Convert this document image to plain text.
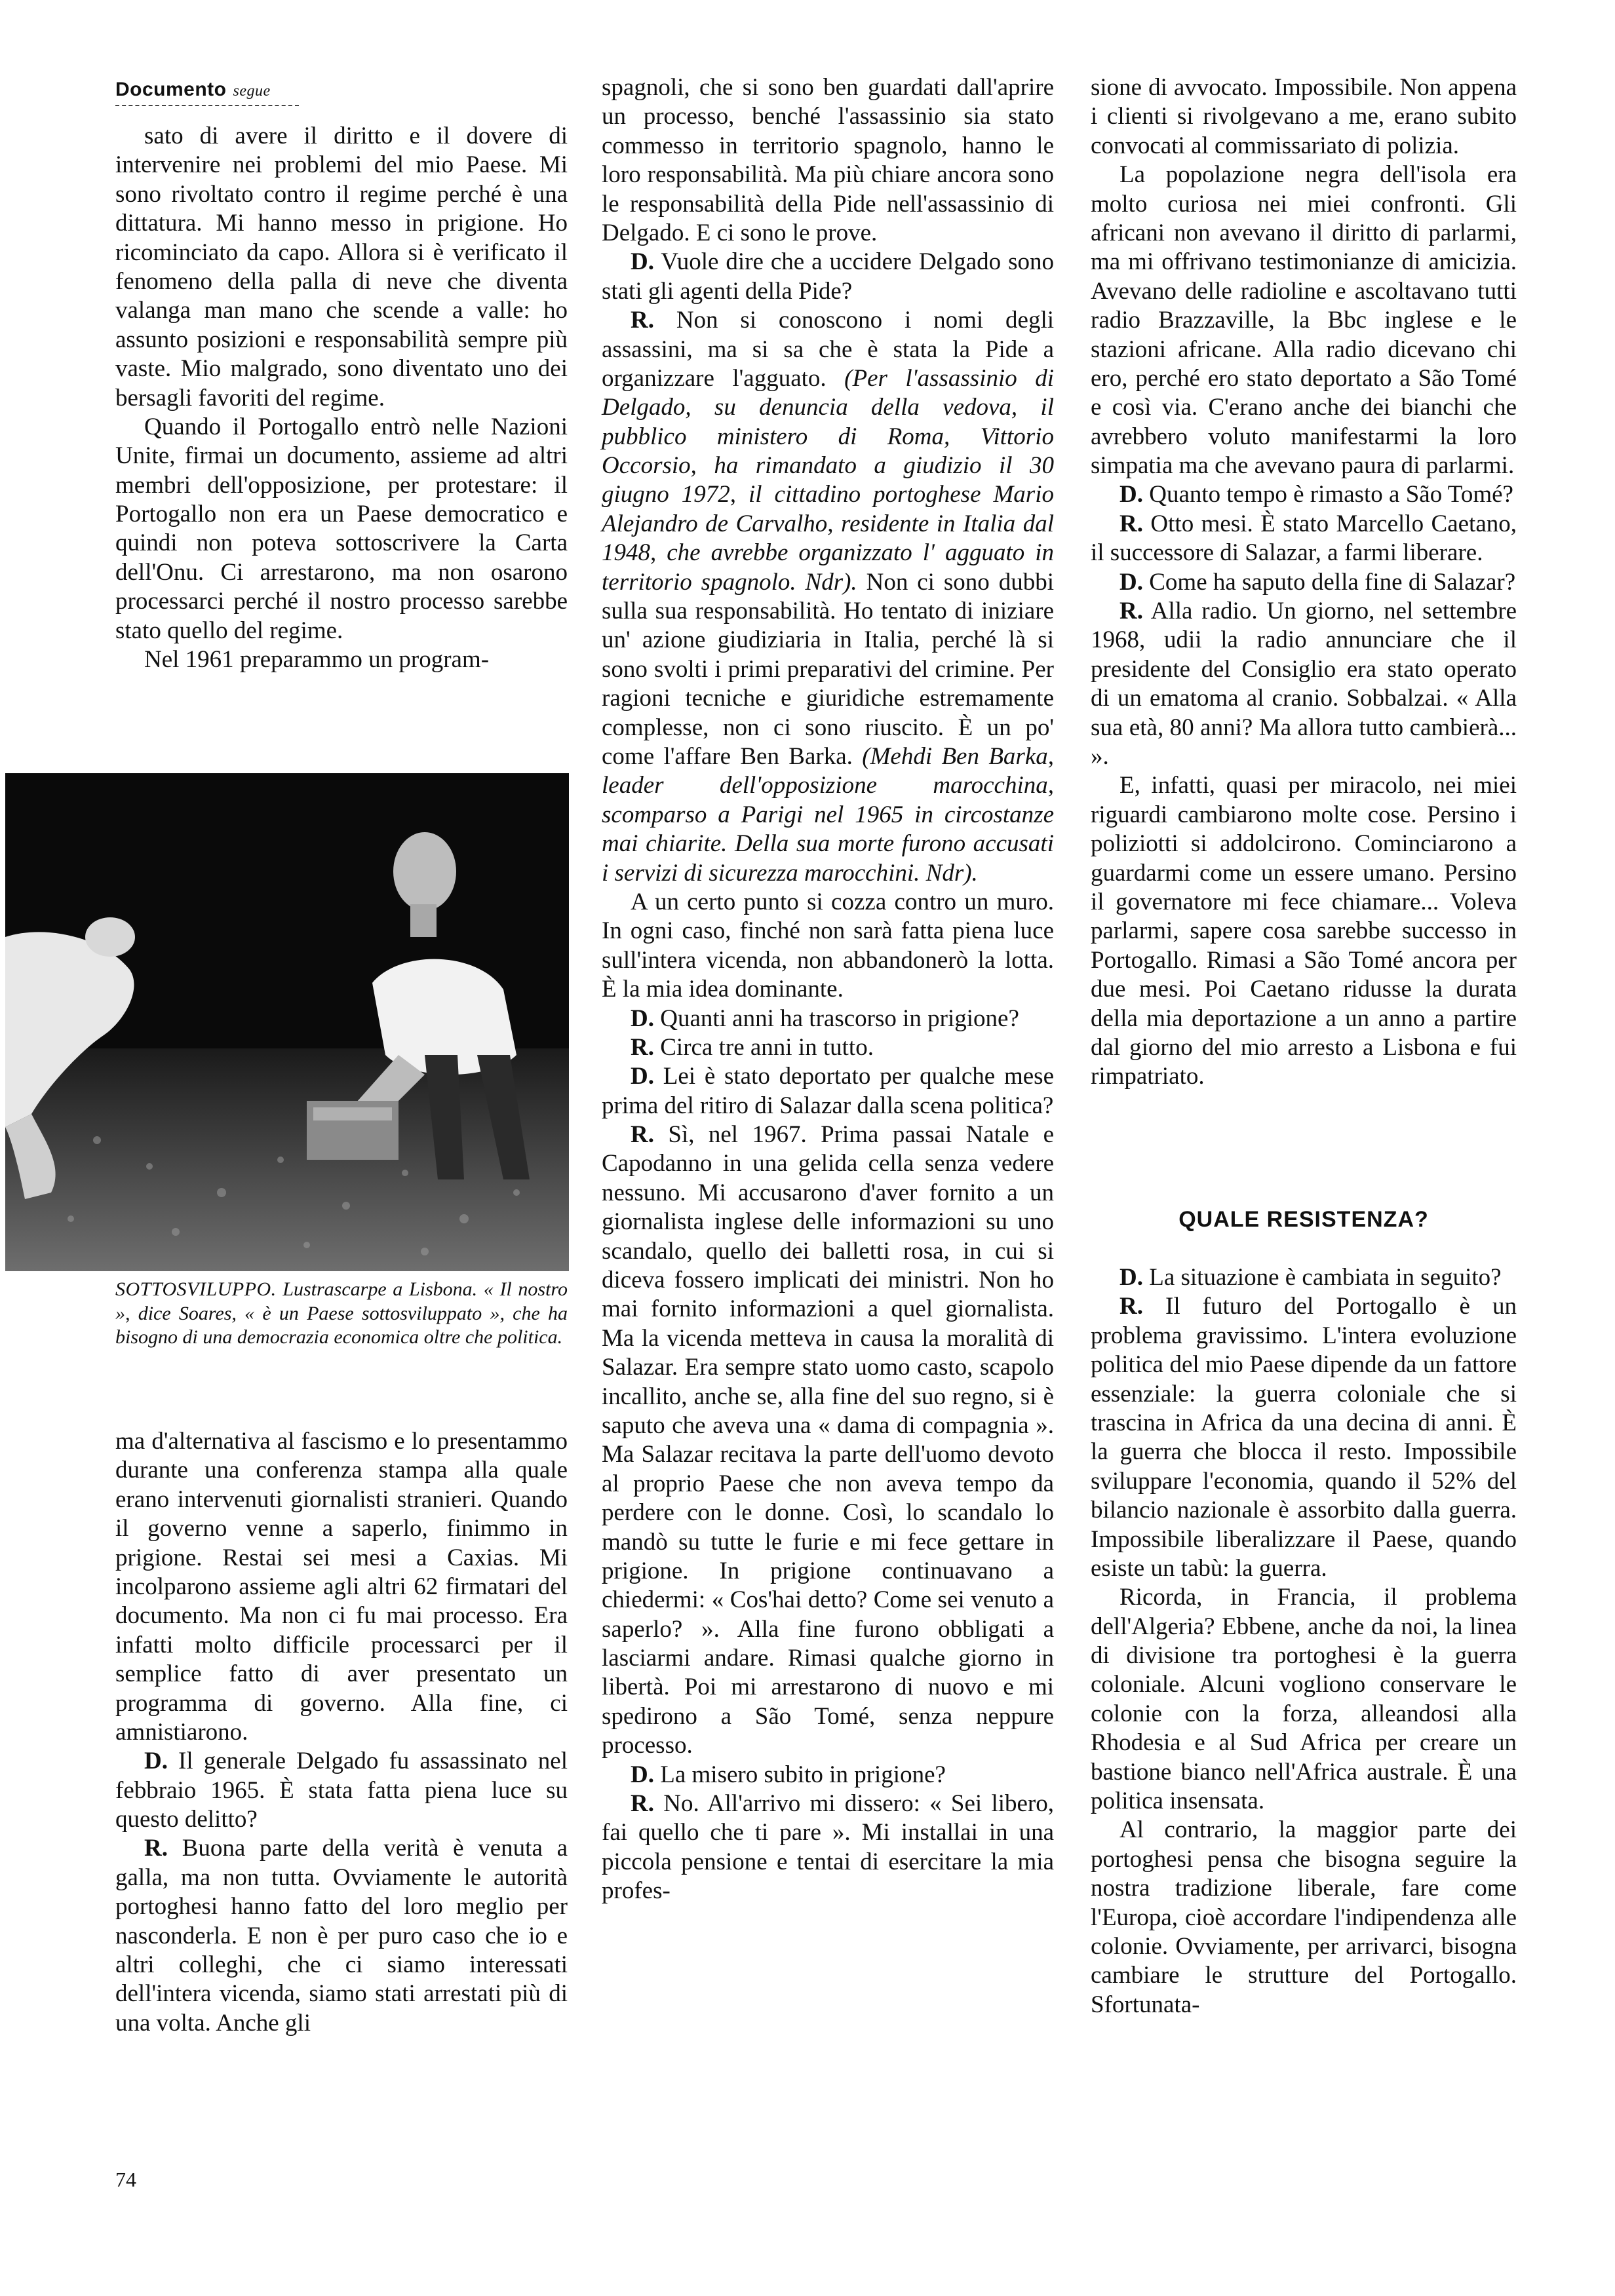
Documento segue

sato di avere il diritto e il dovere di intervenire nei problemi del mio Paese. Mi sono rivoltato contro il regime perché è una dittatura. Mi hanno messo in prigione. Ho ricominciato da capo. Allora si è verificato il fenomeno della palla di neve che diventa valanga man mano che scende a valle: ho assunto posizioni e responsabilità sempre più vaste. Mio malgrado, sono diventato uno dei bersagli favoriti del regime.

Quando il Portogallo entrò nelle Nazioni Unite, firmai un documento, assieme ad altri membri dell'opposizione, per protestare: il Portogallo non era un Paese democratico e quindi non poteva sottoscrivere la Carta dell'Onu. Ci arrestarono, ma non osarono processarci perché il nostro processo sarebbe stato quello del regime.

Nel 1961 preparammo un program-

SOTTOSVILUPPO. Lustrascarpe a Lisbona. « Il nostro », dice Soares, « è un Paese sottosviluppato », che ha bisogno di una democrazia economica oltre che politica.

ma d'alternativa al fascismo e lo presentammo durante una conferenza stampa alla quale erano intervenuti giornalisti stranieri. Quando il governo venne a saperlo, finimmo in prigione. Restai sei mesi a Caxias. Mi incolparono assieme agli altri 62 firmatari del documento. Ma non ci fu mai processo. Era infatti molto difficile processarci per il semplice fatto di aver presentato un programma di governo. Alla fine, ci amnistiarono.

D. Il generale Delgado fu assassinato nel febbraio 1965. È stata fatta piena luce su questo delitto?

R. Buona parte della verità è venuta a galla, ma non tutta. Ovviamente le autorità portoghesi hanno fatto del loro meglio per nasconderla. E non è per puro caso che io e altri colleghi, che ci siamo interessati dell'intera vicenda, siamo stati arrestati più di una volta. Anche gli

spagnoli, che si sono ben guardati dall'aprire un processo, benché l'assassinio sia stato commesso in territorio spagnolo, hanno le loro responsabilità. Ma più chiare ancora sono le responsabilità della Pide nell'assassinio di Delgado. E ci sono le prove.

D. Vuole dire che a uccidere Delgado sono stati gli agenti della Pide?

R. Non si conoscono i nomi degli assassini, ma si sa che è stata la Pide a organizzare l'agguato. (Per l'assassinio di Delgado, su denuncia della vedova, il pubblico ministero di Roma, Vittorio Occorsio, ha rimandato a giudizio il 30 giugno 1972, il cittadino portoghese Mario Alejandro de Carvalho, residente in Italia dal 1948, che avrebbe organizzato l' agguato in territorio spagnolo. Ndr). Non ci sono dubbi sulla sua responsabilità. Ho tentato di iniziare un' azione giudiziaria in Italia, perché là si sono svolti i primi preparativi del crimine. Per ragioni tecniche e giuridiche estremamente complesse, non ci sono riuscito. È un po' come l'affare Ben Barka. (Mehdi Ben Barka, leader dell'opposizione marocchina, scomparso a Parigi nel 1965 in circostanze mai chiarite. Della sua morte furono accusati i servizi di sicurezza marocchini. Ndr).

A un certo punto si cozza contro un muro. In ogni caso, finché non sarà fatta piena luce sull'intera vicenda, non abbandonerò la lotta. È la mia idea dominante.

D. Quanti anni ha trascorso in prigione?

R. Circa tre anni in tutto.

D. Lei è stato deportato per qualche mese prima del ritiro di Salazar dalla scena politica?

R. Sì, nel 1967. Prima passai Natale e Capodanno in una gelida cella senza vedere nessuno. Mi accusarono d'aver fornito a un giornalista inglese delle informazioni su uno scandalo, quello dei balletti rosa, in cui si diceva fossero implicati dei ministri. Non ho mai fornito informazioni a quel giornalista. Ma la vicenda metteva in causa la moralità di Salazar. Era sempre stato uomo casto, scapolo incallito, anche se, alla fine del suo regno, si è saputo che aveva una « dama di compagnia ». Ma Salazar recitava la parte dell'uomo devoto al proprio Paese che non aveva tempo da perdere con le donne. Così, lo scandalo lo mandò su tutte le furie e mi fece gettare in prigione. In prigione continuavano a chiedermi: « Cos'hai detto? Come sei venuto a saperlo? ». Alla fine furono obbligati a lasciarmi andare. Rimasi qualche giorno in libertà. Poi mi arrestarono di nuovo e mi spedirono a São Tomé, senza neppure processo.

D. La misero subito in prigione?

R. No. All'arrivo mi dissero: « Sei libero, fai quello che ti pare ». Mi installai in una piccola pensione e tentai di esercitare la mia profes-

sione di avvocato. Impossibile. Non appena i clienti si rivolgevano a me, erano subito convocati al commissariato di polizia.

La popolazione negra dell'isola era molto curiosa nei miei confronti. Gli africani non avevano il diritto di parlarmi, ma mi offrivano testimonianze di amicizia. Avevano delle radioline e ascoltavano tutti radio Brazzaville, la Bbc inglese e le stazioni africane. Alla radio dicevano chi ero, perché ero stato deportato a São Tomé e così via. C'erano anche dei bianchi che avrebbero voluto manifestarmi la loro simpatia ma che avevano paura di parlarmi.

D. Quanto tempo è rimasto a São Tomé?

R. Otto mesi. È stato Marcello Caetano, il successore di Salazar, a farmi liberare.

D. Come ha saputo della fine di Salazar?

R. Alla radio. Un giorno, nel settembre 1968, udii la radio annunciare che il presidente del Consiglio era stato operato di un ematoma al cranio. Sobbalzai. « Alla sua età, 80 anni? Ma allora tutto cambierà... ».

E, infatti, quasi per miracolo, nei miei riguardi cambiarono molte cose. Persino i poliziotti si addolcirono. Cominciarono a guardarmi come un essere umano. Persino il governatore mi fece chiamare... Voleva parlarmi, sapere cosa sarebbe successo in Portogallo. Rimasi a São Tomé ancora per due mesi. Poi Caetano ridusse la durata della mia deportazione a un anno a partire dal giorno del mio arresto a Lisbona e fui rimpatriato.

QUALE RESISTENZA?

D. La situazione è cambiata in seguito?

R. Il futuro del Portogallo è un problema gravissimo. L'intera evoluzione politica del mio Paese dipende da un fattore essenziale: la guerra coloniale che si trascina in Africa da una decina di anni. È la guerra che blocca il resto. Impossibile sviluppare l'economia, quando il 52% del bilancio nazionale è assorbito dalla guerra. Impossibile liberalizzare il Paese, quando esiste un tabù: la guerra.

Ricorda, in Francia, il problema dell'Algeria? Ebbene, anche da noi, la linea di divisione tra portoghesi è la guerra coloniale. Alcuni vogliono conservare le colonie con la forza, alleandosi alla Rhodesia e al Sud Africa per creare un bastione bianco nell'Africa australe. È una politica insensata.

Al contrario, la maggior parte dei portoghesi pensa che bisogna seguire la nostra tradizione liberale, fare come l'Europa, cioè accordare l'indipendenza alle colonie. Ovviamente, per arrivarci, bisogna cambiare le strutture del Portogallo. Sfortunata-

74
